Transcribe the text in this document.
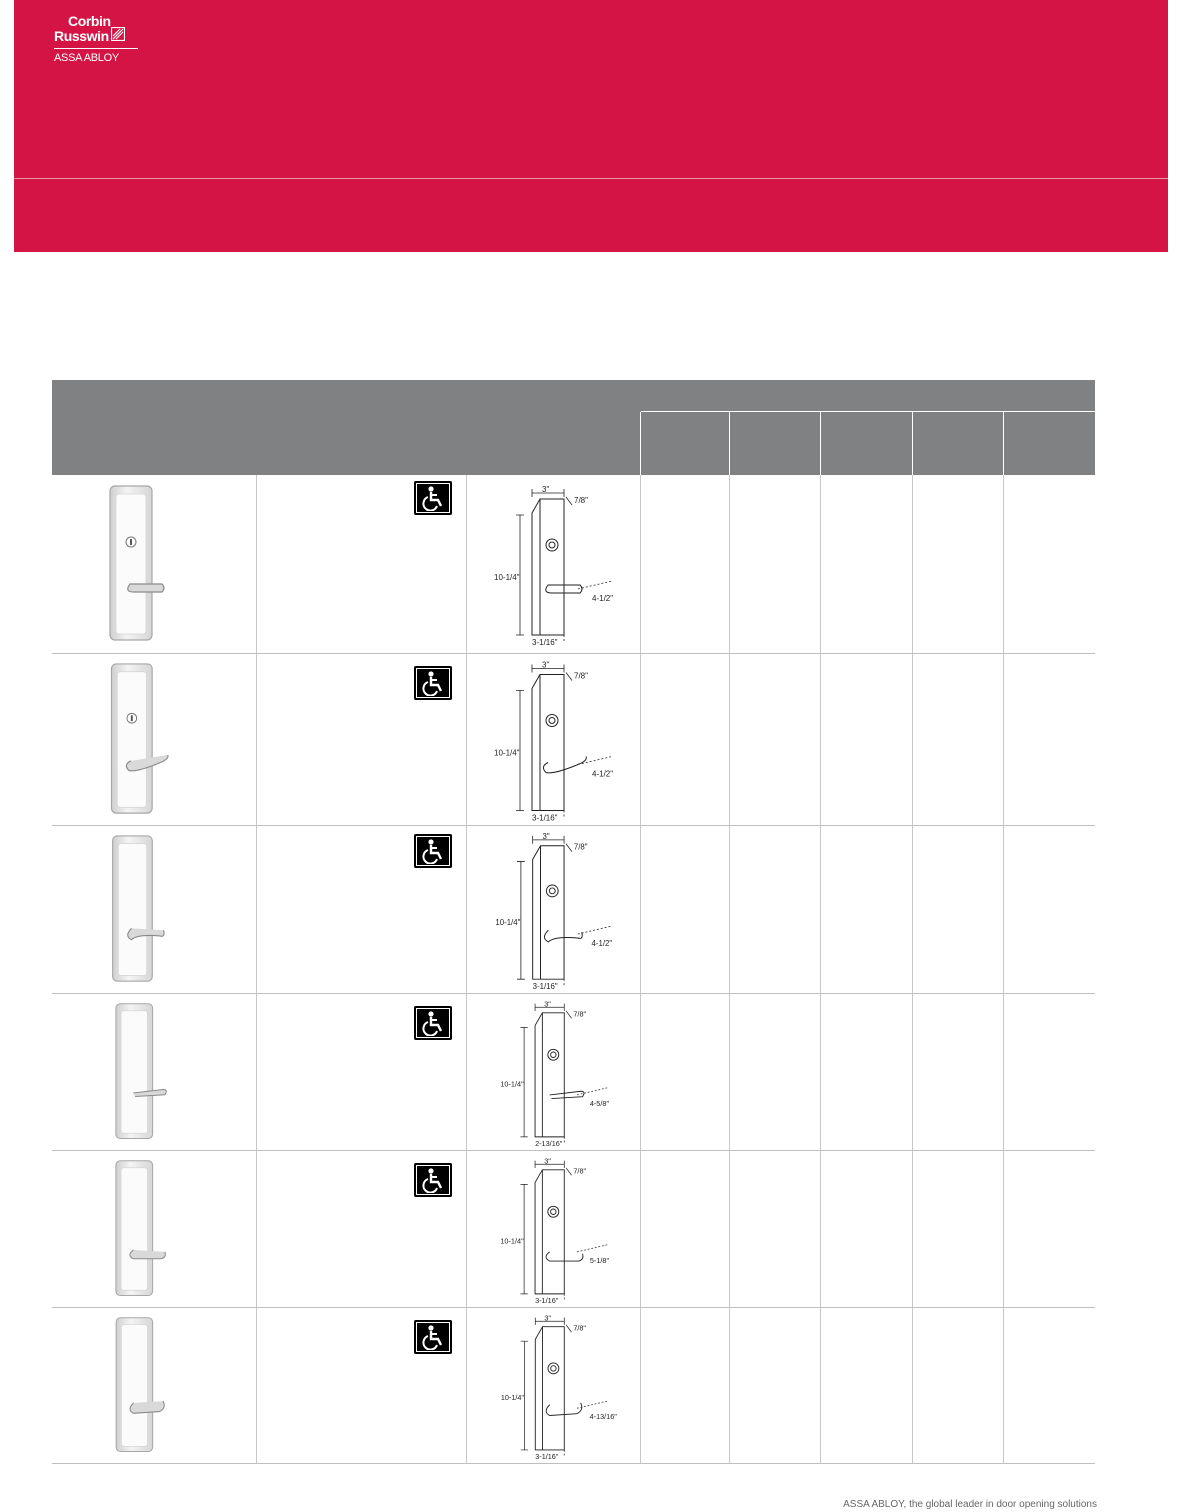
Corbin
Russwin
ASSA ABLOY
3"
7/8"
10-1/4"
4-1/2"
3-1/16"
3"
7/8"
10-1/4"
4-1/2"
3-1/16"
3"
7/8"
10-1/4"
4-1/2"
3-1/16"
3"
7/8"
10-1/4"
4-5/8"
2-13/16"
3"
7/8"
10-1/4"
5-1/8"
3-1/16"
3"
7/8"
10-1/4"
4-13/16"
3-1/16"
ASSA ABLOY, the global leader in door opening solutions
